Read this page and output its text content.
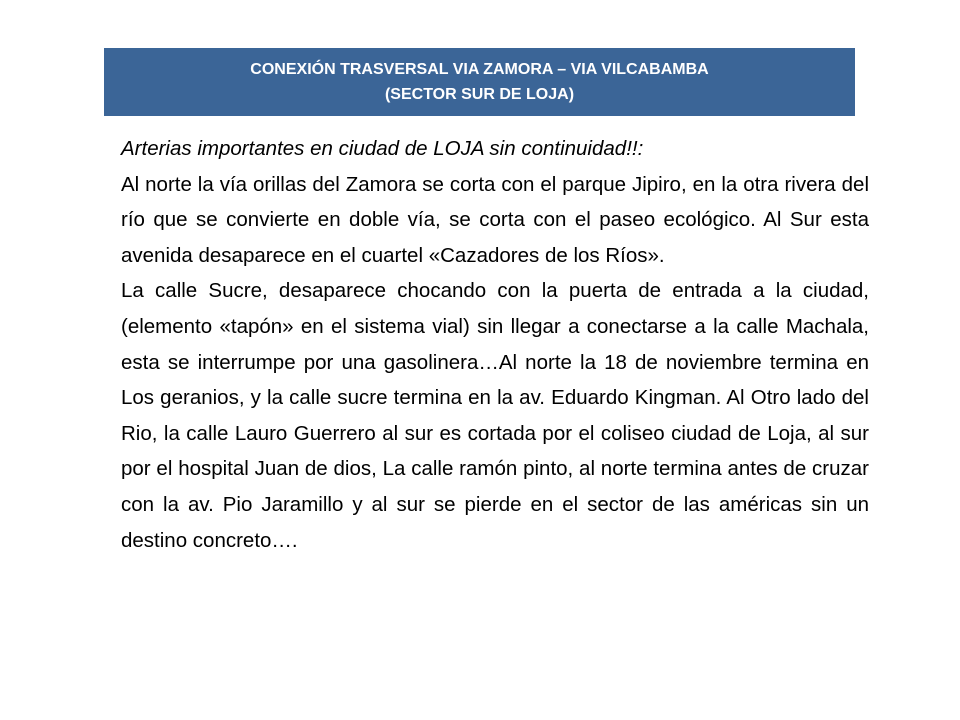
CONEXIÓN TRASVERSAL VIA ZAMORA – VIA VILCABAMBA
(SECTOR SUR DE LOJA)

Arterias importantes en ciudad de LOJA sin continuidad!!:

Al norte la vía orillas del Zamora se corta con el parque Jipiro, en la otra rivera del río que se convierte en doble vía, se corta con el paseo ecológico. Al Sur esta avenida desaparece en el cuartel «Cazadores de los Ríos».

La calle Sucre, desaparece chocando con la puerta de entrada a la ciudad, (elemento «tapón» en el sistema vial) sin llegar a conectarse a la calle Machala, esta se interrumpe por una gasolinera…Al norte la 18 de noviembre termina en Los geranios, y la calle sucre termina en la av. Eduardo Kingman. Al Otro lado del Rio, la calle Lauro Guerrero al sur es cortada por el coliseo ciudad de Loja, al sur por el hospital Juan de dios, La calle ramón pinto, al norte termina antes de cruzar con la av. Pio Jaramillo y al sur se pierde en el sector de las américas sin un destino concreto….
